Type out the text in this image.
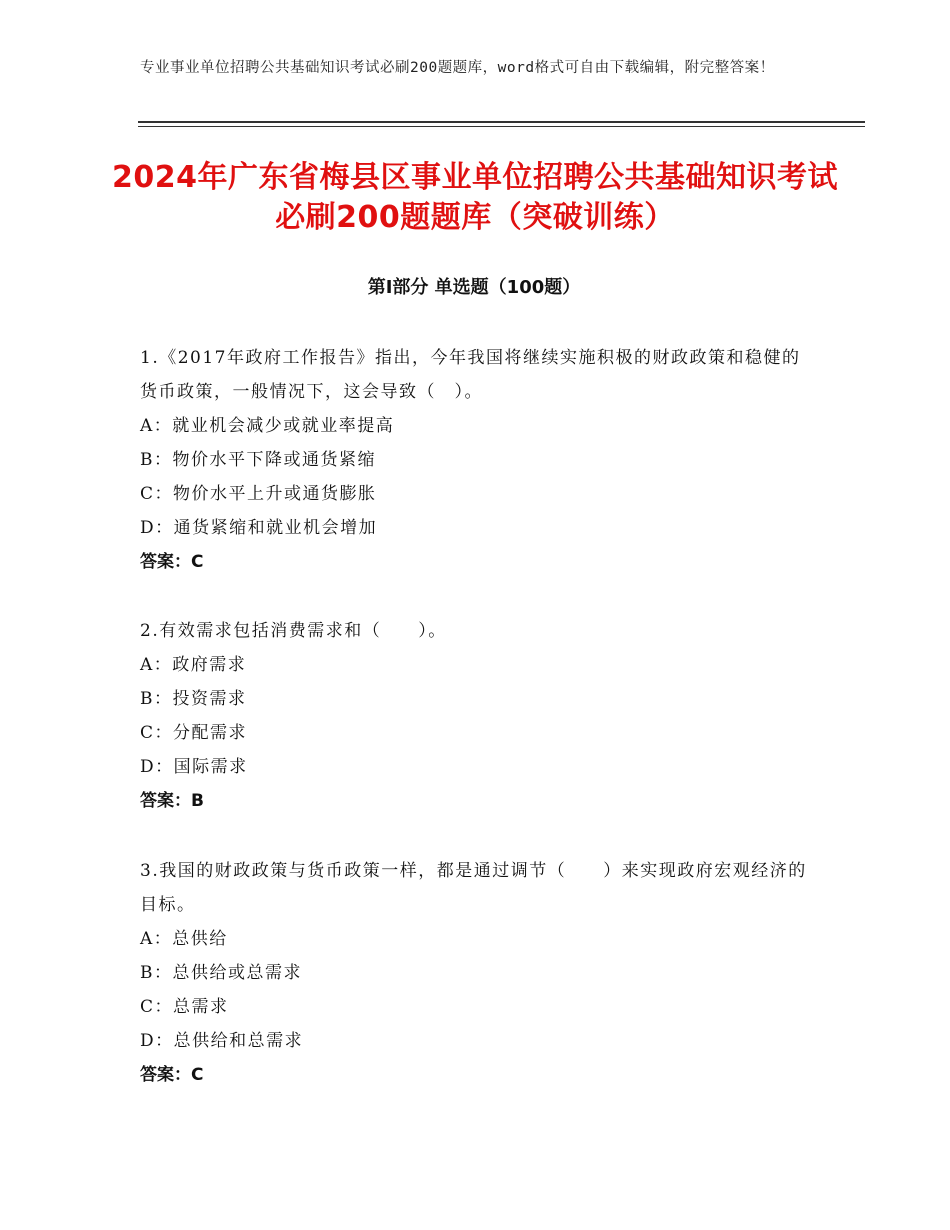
专业事业单位招聘公共基础知识考试必刷200题题库，word格式可自由下载编辑，附完整答案！
2024年广东省梅县区事业单位招聘公共基础知识考试必刷200题题库（突破训练）
第Ⅰ部分 单选题（100题）

1.《2017年政府工作报告》指出，今年我国将继续实施积极的财政政策和稳健的货币政策，一般情况下，这会导致（　）。

A：就业机会减少或就业率提高

B：物价水平下降或通货紧缩

C：物价水平上升或通货膨胀

D：通货紧缩和就业机会增加

答案：C

2.有效需求包括消费需求和（　　）。

A：政府需求

B：投资需求

C：分配需求

D：国际需求

答案：B

3.我国的财政政策与货币政策一样，都是通过调节（　　）来实现政府宏观经济的目标。

A：总供给

B：总供给或总需求

C：总需求

D：总供给和总需求

答案：C
